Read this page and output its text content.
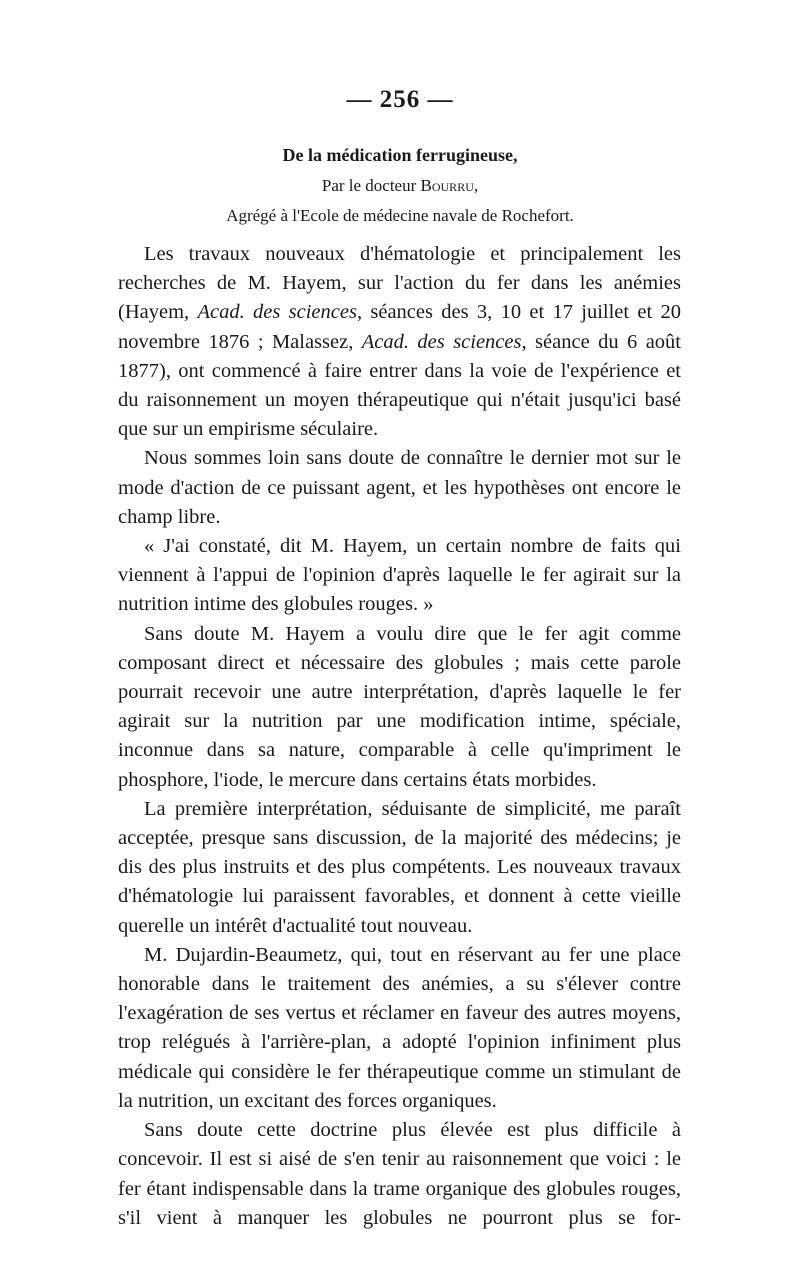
— 256 —
De la médication ferrugineuse,
Par le docteur Bourru,
Agrégé à l'Ecole de médecine navale de Rochefort.

Les travaux nouveaux d'hématologie et principalement les recherches de M. Hayem, sur l'action du fer dans les anémies (Hayem, Acad. des sciences, séances des 3, 10 et 17 juillet et 20 novembre 1876 ; Malassez, Acad. des sciences, séance du 6 août 1877), ont commencé à faire entrer dans la voie de l'expérience et du raisonnement un moyen thérapeutique qui n'était jusqu'ici basé que sur un empirisme séculaire.

Nous sommes loin sans doute de connaître le dernier mot sur le mode d'action de ce puissant agent, et les hypothèses ont encore le champ libre.

« J'ai constaté, dit M. Hayem, un certain nombre de faits qui viennent à l'appui de l'opinion d'après laquelle le fer agirait sur la nutrition intime des globules rouges. »

Sans doute M. Hayem a voulu dire que le fer agit comme composant direct et nécessaire des globules ; mais cette parole pourrait recevoir une autre interprétation, d'après laquelle le fer agirait sur la nutrition par une modification intime, spéciale, inconnue dans sa nature, comparable à celle qu'impriment le phosphore, l'iode, le mercure dans certains états morbides.

La première interprétation, séduisante de simplicité, me paraît acceptée, presque sans discussion, de la majorité des médecins; je dis des plus instruits et des plus compétents. Les nouveaux travaux d'hématologie lui paraissent favorables, et donnent à cette vieille querelle un intérêt d'actualité tout nouveau.

M. Dujardin-Beaumetz, qui, tout en réservant au fer une place honorable dans le traitement des anémies, a su s'élever contre l'exagération de ses vertus et réclamer en faveur des autres moyens, trop relégués à l'arrière-plan, a adopté l'opinion infiniment plus médicale qui considère le fer thérapeutique comme un stimulant de la nutrition, un excitant des forces organiques.

Sans doute cette doctrine plus élevée est plus difficile à concevoir. Il est si aisé de s'en tenir au raisonnement que voici : le fer étant indispensable dans la trame organique des globules rouges, s'il vient à manquer les globules ne pourront plus se for-
